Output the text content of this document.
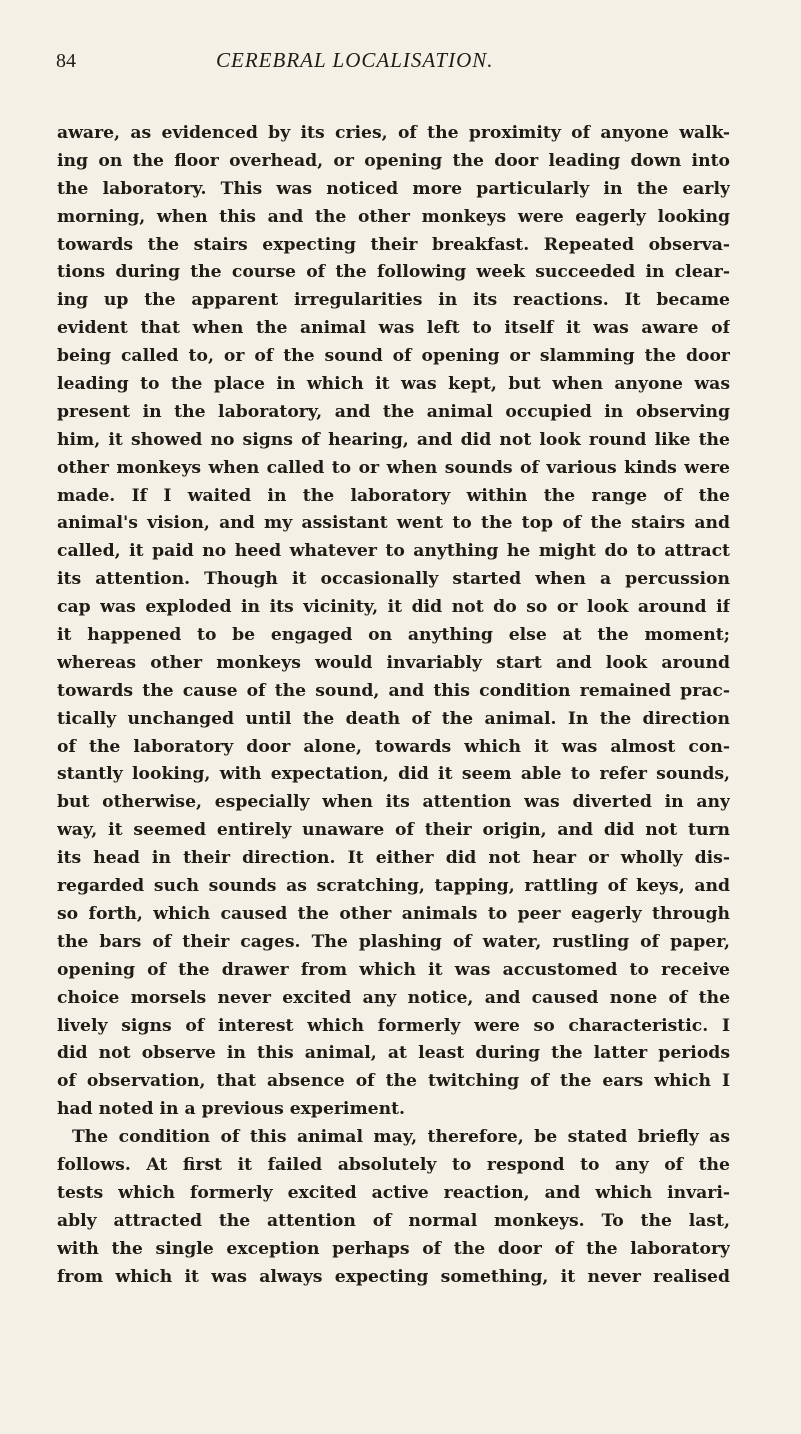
84	CEREBRAL LOCALISATION.
aware, as evidenced by its cries, of the proximity of anyone walk-
ing on the floor overhead, or opening the door leading down into
the laboratory. This was noticed more particularly in the early
morning, when this and the other monkeys were eagerly looking
towards the stairs expecting their breakfast. Repeated observa-
tions during the course of the following week succeeded in clear-
ing up the apparent irregularities in its reactions. It became
evident that when the animal was left to itself it was aware of
being called to, or of the sound of opening or slamming the door
leading to the place in which it was kept, but when anyone was
present in the laboratory, and the animal occupied in observing
him, it showed no signs of hearing, and did not look round like the
other monkeys when called to or when sounds of various kinds were
made. If I waited in the laboratory within the range of the
animal's vision, and my assistant went to the top of the stairs and
called, it paid no heed whatever to anything he might do to attract
its attention. Though it occasionally started when a percussion
cap was exploded in its vicinity, it did not do so or look around if
it happened to be engaged on anything else at the moment;
whereas other monkeys would invariably start and look around
towards the cause of the sound, and this condition remained prac-
tically unchanged until the death of the animal. In the direction
of the laboratory door alone, towards which it was almost con-
stantly looking, with expectation, did it seem able to refer sounds,
but otherwise, especially when its attention was diverted in any
way, it seemed entirely unaware of their origin, and did not turn
its head in their direction. It either did not hear or wholly dis-
regarded such sounds as scratching, tapping, rattling of keys, and
so forth, which caused the other animals to peer eagerly through
the bars of their cages. The plashing of water, rustling of paper,
opening of the drawer from which it was accustomed to receive
choice morsels never excited any notice, and caused none of the
lively signs of interest which formerly were so characteristic. I
did not observe in this animal, at least during the latter periods
of observation, that absence of the twitching of the ears which I
had noted in a previous experiment.
The condition of this animal may, therefore, be stated briefly as
follows. At first it failed absolutely to respond to any of the
tests which formerly excited active reaction, and which invari-
ably attracted the attention of normal monkeys. To the last,
with the single exception perhaps of the door of the laboratory
from which it was always expecting something, it never realised
